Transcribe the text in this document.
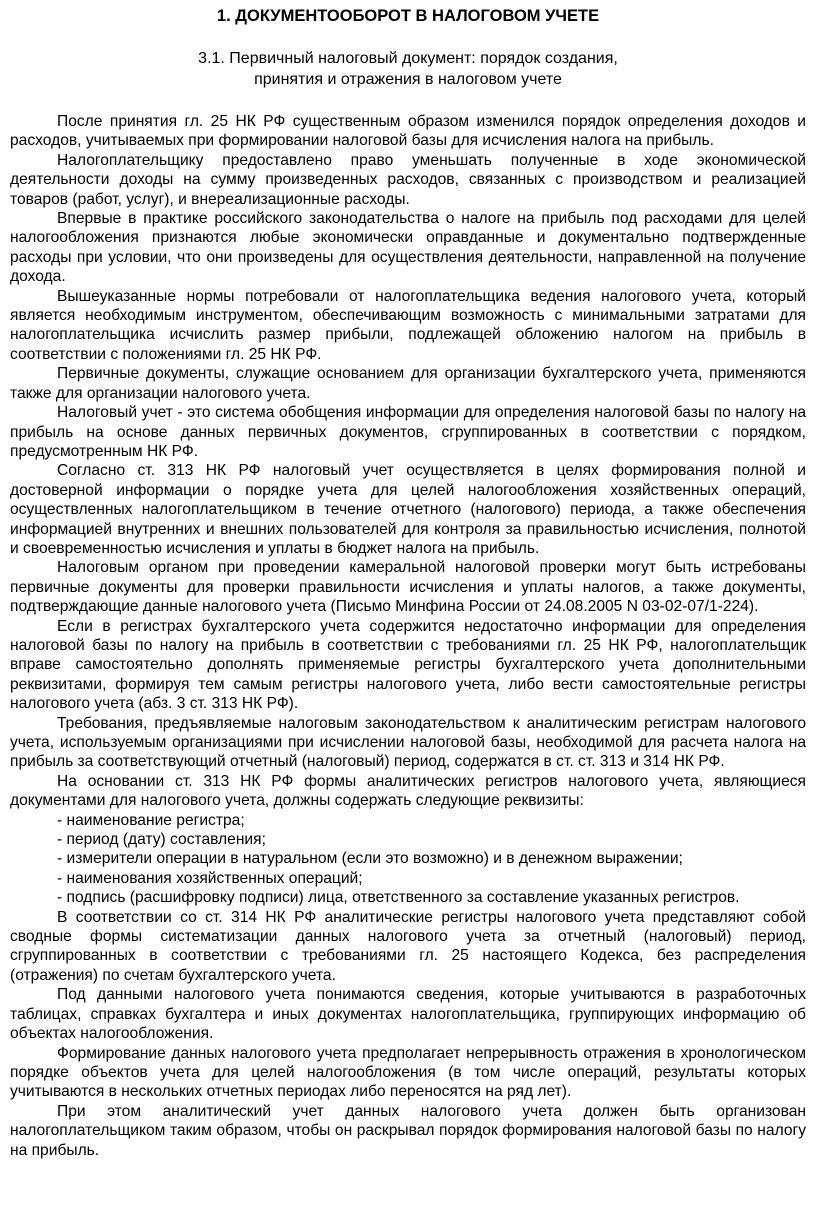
1. ДОКУМЕНТООБОРОТ В НАЛОГОВОМ УЧЕТЕ
3.1. Первичный налоговый документ: порядок создания,
принятия и отражения в налоговом учете

После принятия гл. 25 НК РФ существенным образом изменился порядок определения доходов и расходов, учитываемых при формировании налоговой базы для исчисления налога на прибыль.

Налогоплательщику предоставлено право уменьшать полученные в ходе экономической деятельности доходы на сумму произведенных расходов, связанных с производством и реализацией товаров (работ, услуг), и внереализационные расходы.

Впервые в практике российского законодательства о налоге на прибыль под расходами для целей налогообложения признаются любые экономически оправданные и документально подтвержденные расходы при условии, что они произведены для осуществления деятельности, направленной на получение дохода.

Вышеуказанные нормы потребовали от налогоплательщика ведения налогового учета, который является необходимым инструментом, обеспечивающим возможность с минимальными затратами для налогоплательщика исчислить размер прибыли, подлежащей обложению налогом на прибыль в соответствии с положениями гл. 25 НК РФ.

Первичные документы, служащие основанием для организации бухгалтерского учета, применяются также для организации налогового учета.

Налоговый учет - это система обобщения информации для определения налоговой базы по налогу на прибыль на основе данных первичных документов, сгруппированных в соответствии с порядком, предусмотренным НК РФ.

Согласно ст. 313 НК РФ налоговый учет осуществляется в целях формирования полной и достоверной информации о порядке учета для целей налогообложения хозяйственных операций, осуществленных налогоплательщиком в течение отчетного (налогового) периода, а также обеспечения информацией внутренних и внешних пользователей для контроля за правильностью исчисления, полнотой и своевременностью исчисления и уплаты в бюджет налога на прибыль.

Налоговым органом при проведении камеральной налоговой проверки могут быть истребованы первичные документы для проверки правильности исчисления и уплаты налогов, а также документы, подтверждающие данные налогового учета (Письмо Минфина России от 24.08.2005 N 03-02-07/1-224).

Если в регистрах бухгалтерского учета содержится недостаточно информации для определения налоговой базы по налогу на прибыль в соответствии с требованиями гл. 25 НК РФ, налогоплательщик вправе самостоятельно дополнять применяемые регистры бухгалтерского учета дополнительными реквизитами, формируя тем самым регистры налогового учета, либо вести самостоятельные регистры налогового учета (абз. 3 ст. 313 НК РФ).

Требования, предъявляемые налоговым законодательством к аналитическим регистрам налогового учета, используемым организациями при исчислении налоговой базы, необходимой для расчета налога на прибыль за соответствующий отчетный (налоговый) период, содержатся в ст. ст. 313 и 314 НК РФ.

На основании ст. 313 НК РФ формы аналитических регистров налогового учета, являющиеся документами для налогового учета, должны содержать следующие реквизиты:

- наименование регистра;

- период (дату) составления;

- измерители операции в натуральном (если это возможно) и в денежном выражении;

- наименования хозяйственных операций;

- подпись (расшифровку подписи) лица, ответственного за составление указанных регистров.

В соответствии со ст. 314 НК РФ аналитические регистры налогового учета представляют собой сводные формы систематизации данных налогового учета за отчетный (налоговый) период, сгруппированных в соответствии с требованиями гл. 25 настоящего Кодекса, без распределения (отражения) по счетам бухгалтерского учета.

Под данными налогового учета понимаются сведения, которые учитываются в разработочных таблицах, справках бухгалтера и иных документах налогоплательщика, группирующих информацию об объектах налогообложения.

Формирование данных налогового учета предполагает непрерывность отражения в хронологическом порядке объектов учета для целей налогообложения (в том числе операций, результаты которых учитываются в нескольких отчетных периодах либо переносятся на ряд лет).

При этом аналитический учет данных налогового учета должен быть организован налогоплательщиком таким образом, чтобы он раскрывал порядок формирования налоговой базы по налогу на прибыль.
